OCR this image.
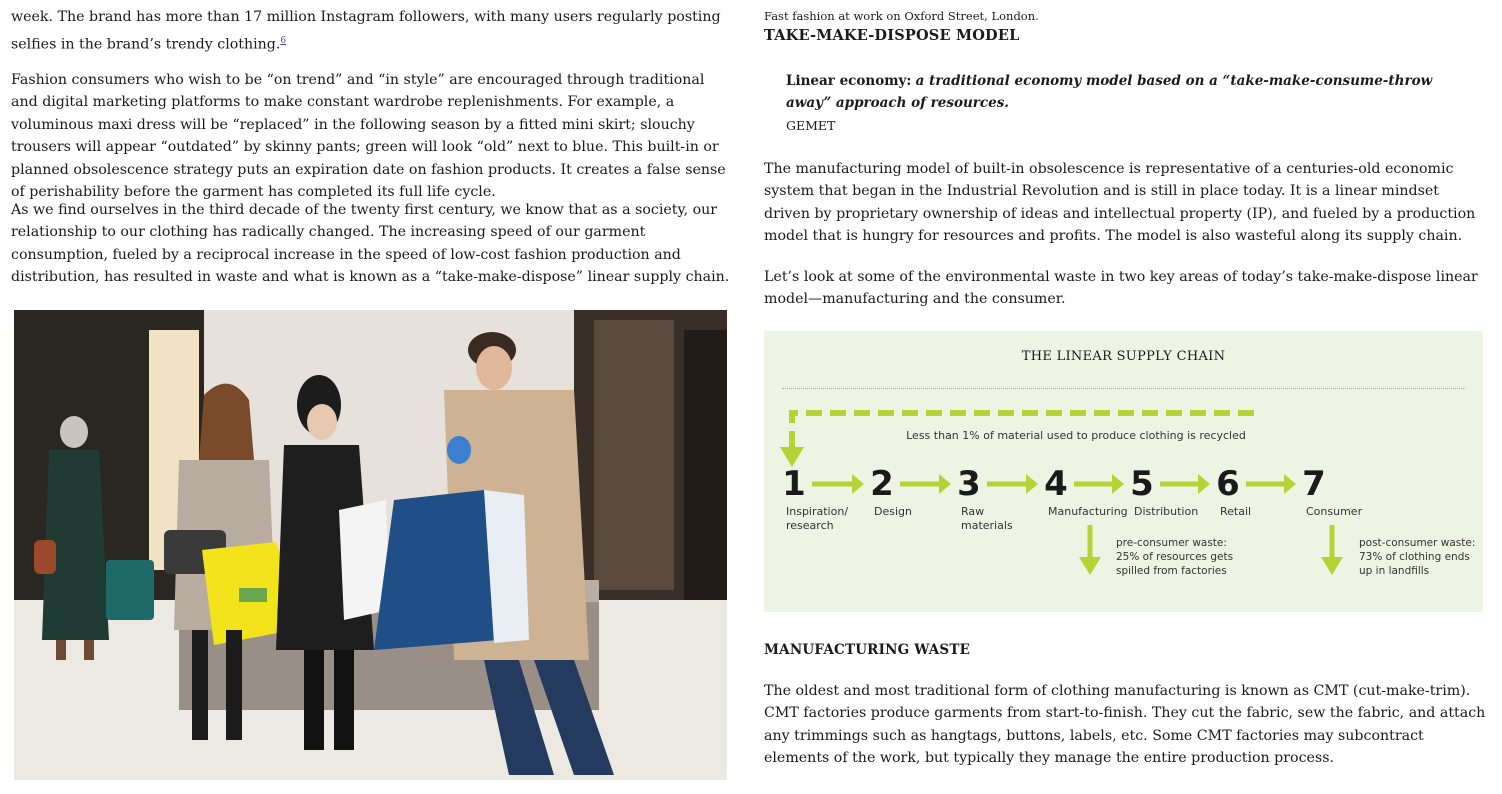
week. The brand has more than 17 million Instagram followers, with many users regularly posting selfies in the brand’s trendy clothing.$^6$

Fashion consumers who wish to be “on trend” and “in style” are encouraged through traditional and digital marketing platforms to make constant wardrobe replenishments. For example, a voluminous maxi dress will be “replaced” in the following season by a fitted mini skirt; slouchy trousers will appear “outdated” by skinny pants; green will look “old” next to blue. This built-in or planned obsolescence strategy puts an expiration date on fashion products. It creates a false sense of perishability before the garment has completed its full life cycle.

As we find ourselves in the third decade of the twenty first century, we know that as a society, our relationship to our clothing has radically changed. The increasing speed of our garment consumption, fueled by a reciprocal increase in the speed of low-cost fashion production and distribution, has resulted in waste and what is known as a “take-make-dispose” linear supply chain.

Fast fashion at work on Oxford Street, London.
TAKE-MAKE-DISPOSE MODEL

Linear economy: a traditional economy model based on a “take-make-consume-throw away” approach of resources.

GEMET

The manufacturing model of built-in obsolescence is representative of a centuries-old economic system that began in the Industrial Revolution and is still in place today. It is a linear mindset driven by proprietary ownership of ideas and intellectual property (IP), and fueled by a production model that is hungry for resources and profits. The model is also wasteful along its supply chain.

Let’s look at some of the environmental waste in two key areas of today’s take-make-dispose linear model—manufacturing and the consumer.

THE LINEAR SUPPLY CHAIN
Less than 1% of material used to produce clothing is recycled
1
Inspiration/
research
2
Design
3
Raw
materials
4
Manufacturing
5
Distribution
6
Retail
7
Consumer
pre-consumer waste:
25% of resources gets
spilled from factories
post-consumer waste:
73% of clothing ends
up in landfills
MANUFACTURING WASTE

The oldest and most traditional form of clothing manufacturing is known as CMT (cut-make-trim). CMT factories produce garments from start-to-finish. They cut the fabric, sew the fabric, and attach any trimmings such as hangtags, buttons, labels, etc. Some CMT factories may subcontract elements of the work, but typically they manage the entire production process.
